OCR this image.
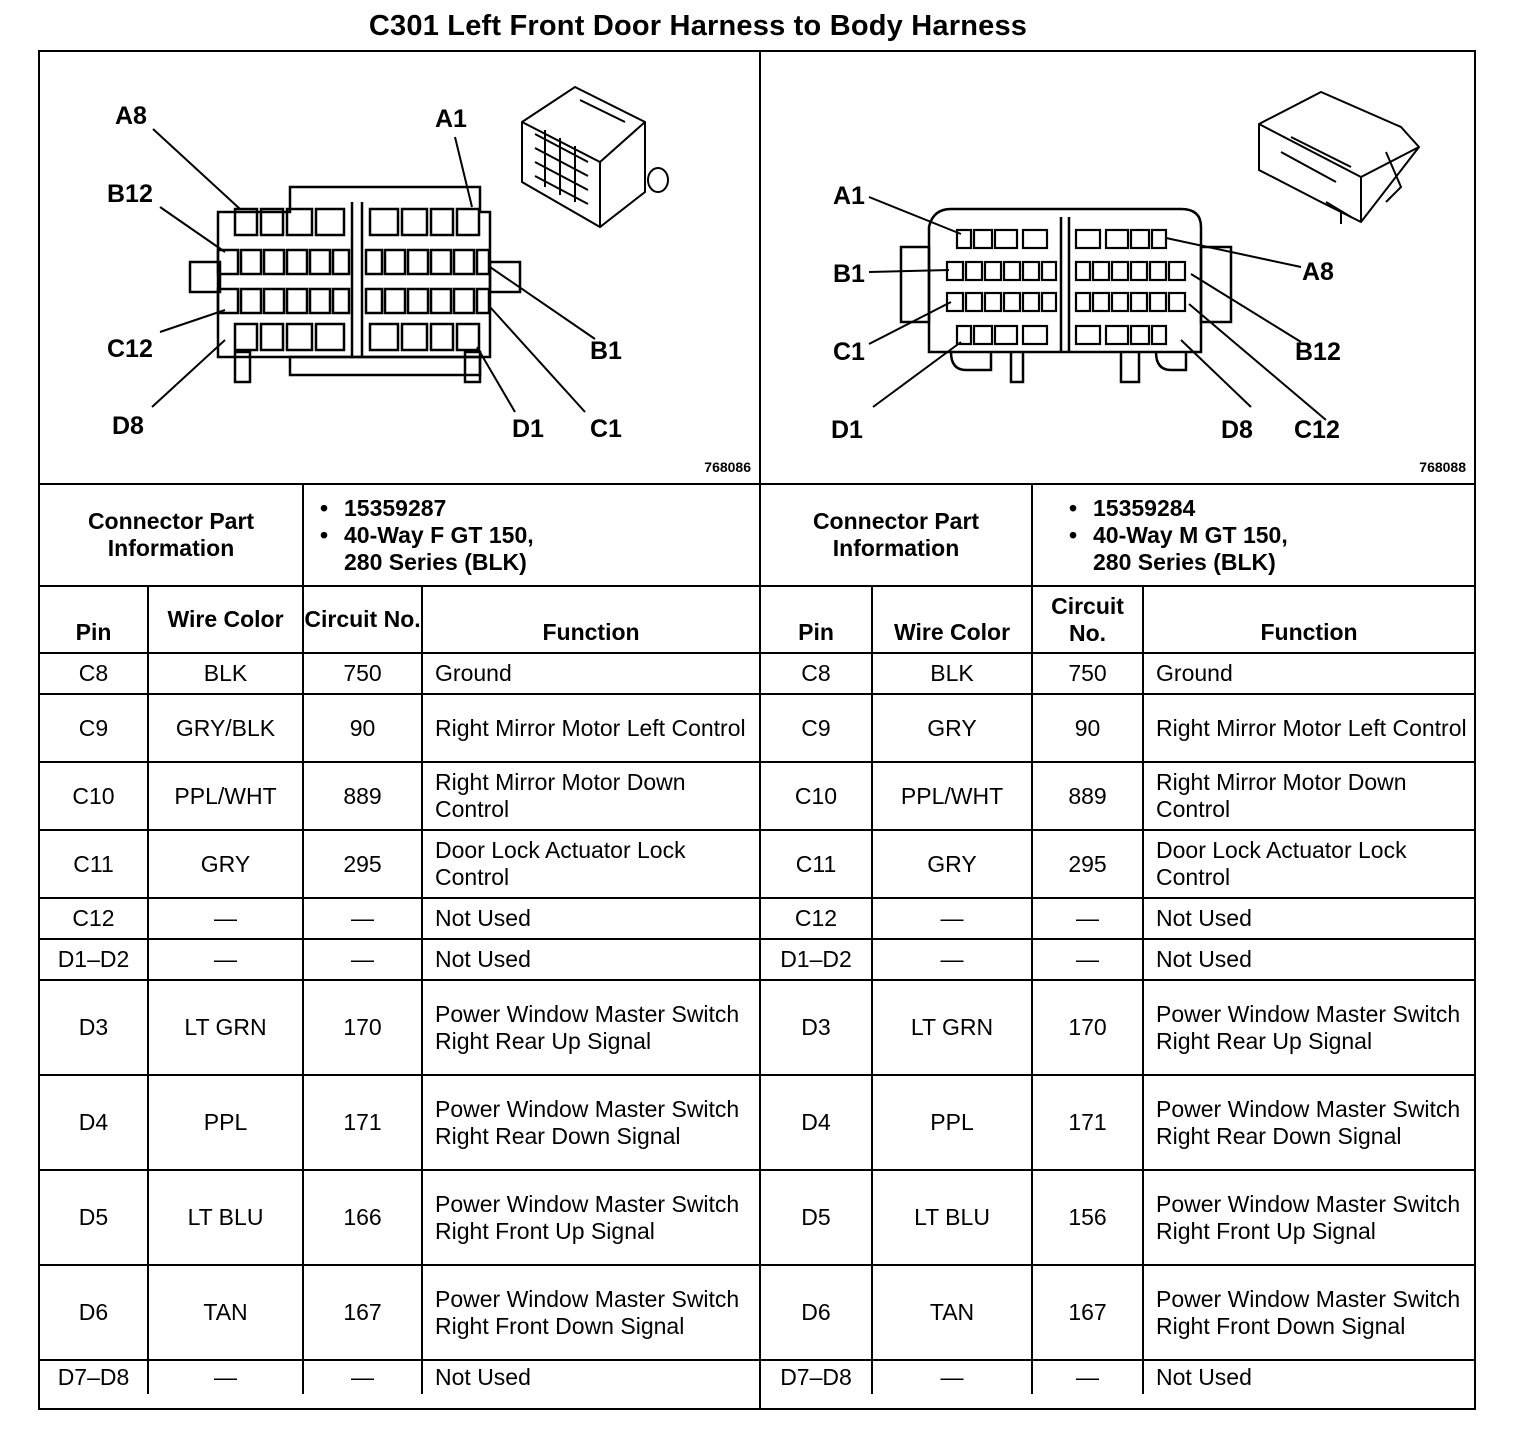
C301 Left Front Door Harness to Body Harness
A8	A1
B12
B1
C12
C1
D8	D1
768086
Connector Part Information		• 15359287
• 40-Way F GT 150,
280 Series (BLK)	

Pin	Wire Color	Circuit No.	Function
C8	BLK	750	Ground
C9	GRY/BLK	90	Right Mirror Motor Left Control
C10	PPL/WHT	889	Right Mirror Motor Down Control
C11	GRY	295	Door Lock Actuator Lock Control
C12	—	—	Not Used
D1–D2	—	—	Not Used
D3	LT GRN	170	Power Window Master Switch Right Rear Up Signal
D4	PPL	171	Power Window Master Switch Right Rear Down Signal
D5	LT BLU	166	Power Window Master Switch Right Front Up Signal
D6	TAN	167	Power Window Master Switch Right Front Down Signal
D7–D8	—	—	Not Used
A1
A8
B1
B12
C1
C12
D1	D8
768088
Connector Part Information		• 15359284
• 40-Way M GT 150,
280 Series (BLK)	

Pin	Wire Color	Circuit No.	Function
C8	BLK	750	Ground
C9	GRY	90	Right Mirror Motor Left Control
C10	PPL/WHT	889	Right Mirror Motor Down Control
C11	GRY	295	Door Lock Actuator Lock Control
C12	—	—	Not Used
D1–D2	—	—	Not Used
D3	LT GRN	170	Power Window Master Switch Right Rear Up Signal
D4	PPL	171	Power Window Master Switch Right Rear Down Signal
D5	LT BLU	156	Power Window Master Switch Right Front Up Signal
D6	TAN	167	Power Window Master Switch Right Front Down Signal
D7–D8	—	—	Not Used
